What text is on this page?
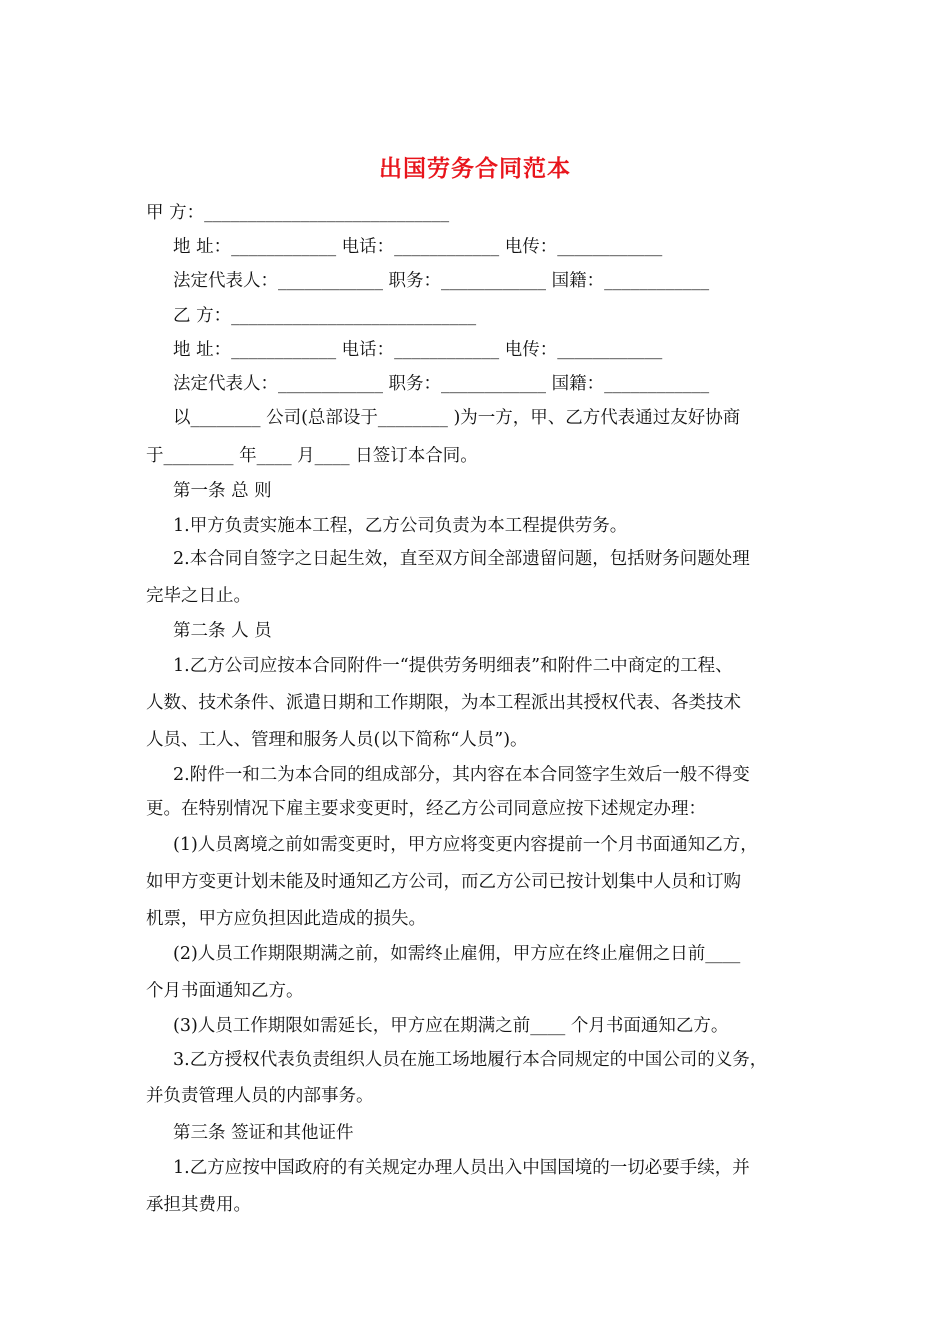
出国劳务合同范本
甲 方：____________________________
地 址：____________ 电话：____________ 电传：____________
法定代表人：____________ 职务：____________ 国籍：____________
乙 方：____________________________
地 址：____________ 电话：____________ 电传：____________
法定代表人：____________ 职务：____________ 国籍：____________
以________ 公司(总部设于________ )为一方，甲、乙方代表通过友好协商
于________ 年____ 月____ 日签订本合同。
第一条 总 则
1.甲方负责实施本工程，乙方公司负责为本工程提供劳务。
2.本合同自签字之日起生效，直至双方间全部遗留问题，包括财务问题处理
完毕之日止。
第二条 人 员
1.乙方公司应按本合同附件一“提供劳务明细表”和附件二中商定的工程、
人数、技术条件、派遣日期和工作期限，为本工程派出其授权代表、各类技术
人员、工人、管理和服务人员(以下简称“人员”)。
2.附件一和二为本合同的组成部分，其内容在本合同签字生效后一般不得变
更。在特别情况下雇主要求变更时，经乙方公司同意应按下述规定办理：
(1)人员离境之前如需变更时，甲方应将变更内容提前一个月书面通知乙方，
如甲方变更计划未能及时通知乙方公司，而乙方公司已按计划集中人员和订购
机票，甲方应负担因此造成的损失。
(2)人员工作期限期满之前，如需终止雇佣，甲方应在终止雇佣之日前____
个月书面通知乙方。
(3)人员工作期限如需延长，甲方应在期满之前____ 个月书面通知乙方。
3.乙方授权代表负责组织人员在施工场地履行本合同规定的中国公司的义务，
并负责管理人员的内部事务。
第三条 签证和其他证件
1.乙方应按中国政府的有关规定办理人员出入中国国境的一切必要手续，并
承担其费用。
